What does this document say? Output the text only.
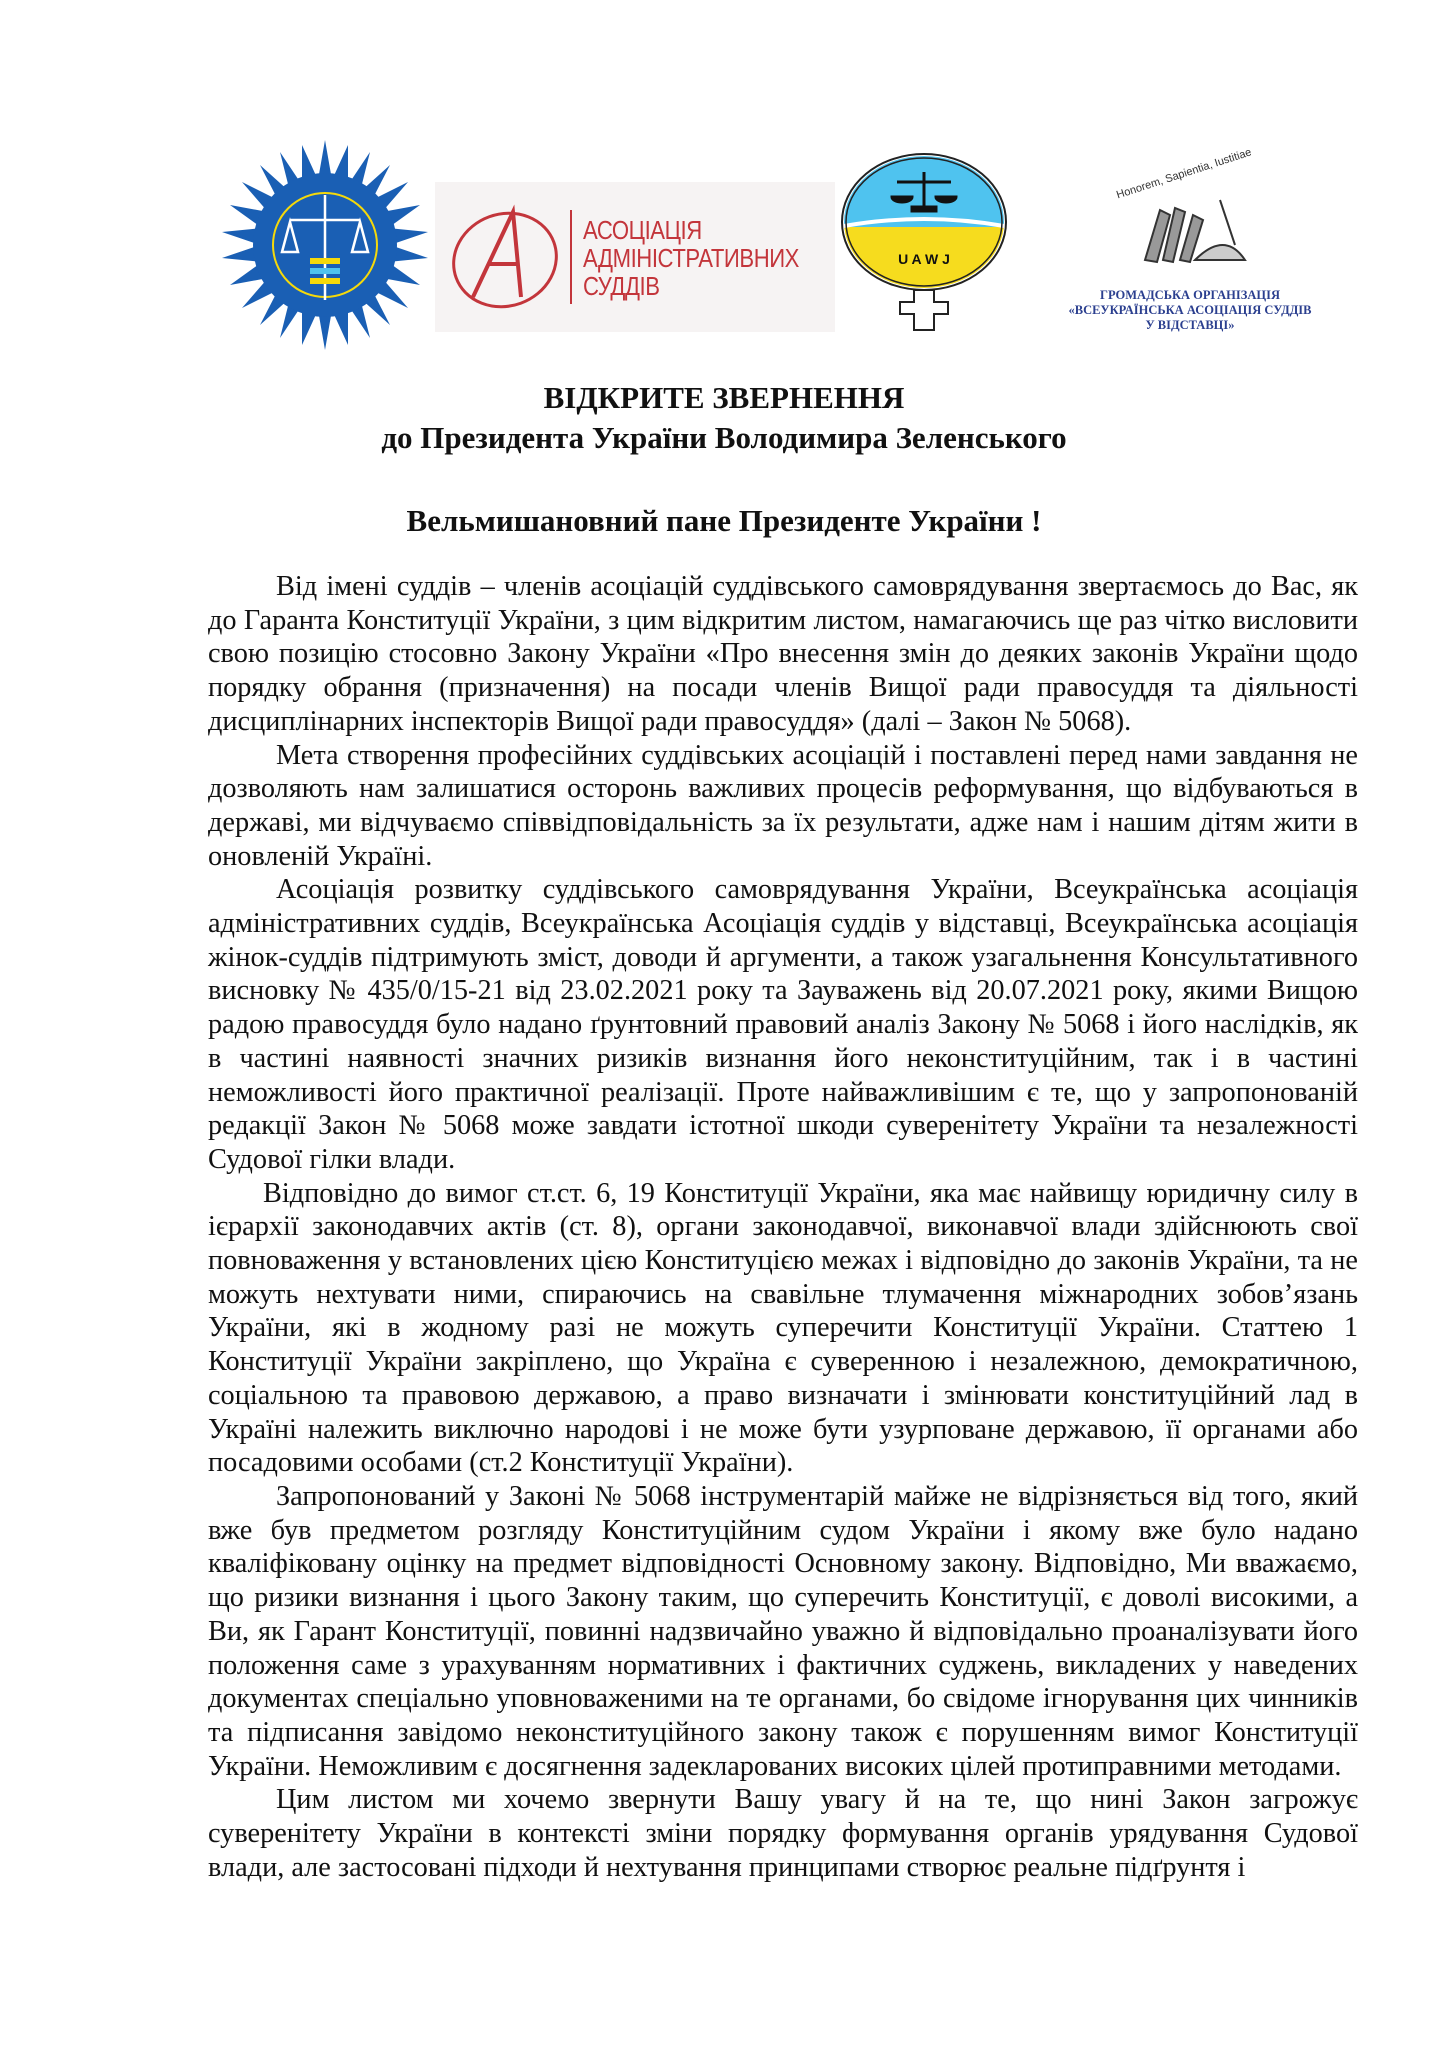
АСОЦІАЦІЯ
АДМІНІСТРАТИВНИХ
СУДДІВ
U A W J
Honorem, Sapientia, Iustitiae
ГРОМАДСЬКА ОРГАНІЗАЦІЯ
«ВСЕУКРАЇНСЬКА АСОЦІАЦІЯ СУДДІВ
У ВІДСТАВЦІ»
ВІДКРИТЕ ЗВЕРНЕННЯ
до Президента України Володимира Зеленського
Вельмишановний пане Президенте України !

Від імені суддів – членів асоціацій суддівського самоврядування звертаємось до Вас, як до Гаранта Конституції України, з цим відкритим листом, намагаючись ще раз чітко висловити свою позицію стосовно Закону України «Про внесення змін до деяких законів України щодо порядку обрання (призначення) на посади членів Вищої ради правосуддя та діяльності дисциплінарних інспекторів Вищої ради правосуддя» (далі – Закон № 5068).

Мета створення професійних суддівських асоціацій і поставлені перед нами завдання не дозволяють нам залишатися осторонь важливих процесів реформування, що відбуваються в державі, ми відчуваємо співвідповідальність за їх результати, адже нам і нашим дітям жити в оновленій Україні.

Асоціація розвитку суддівського самоврядування України, Всеукраїнська асоціація адміністративних суддів, Всеукраїнська Асоціація суддів у відставці, Всеукраїнська асоціація жінок-суддів підтримують зміст, доводи й аргументи, а також узагальнення Консультативного висновку № 435/0/15-21 від 23.02.2021 року та Зауважень від 20.07.2021 року, якими Вищою радою правосуддя було надано ґрунтовний правовий аналіз Закону № 5068 і його наслідків, як в частині наявності значних ризиків визнання його неконституційним, так і в частині неможливості його практичної реалізації. Проте найважливішим є те, що у запропонованій редакції Закон № 5068 може завдати істотної шкоди суверенітету України та незалежності Судової гілки влади.

Відповідно до вимог ст.ст. 6, 19 Конституції України, яка має найвищу юридичну силу в ієрархії законодавчих актів (ст. 8), органи законодавчої, виконавчої влади здійснюють свої повноваження у встановлених цією Конституцією межах і відповідно до законів України, та не можуть нехтувати ними, спираючись на свавільне тлумачення міжнародних зобов’язань України, які в жодному разі не можуть суперечити Конституції України. Статтею 1 Конституції України закріплено, що Україна є суверенною і незалежною, демократичною, соціальною та правовою державою, а право визначати і змінювати конституційний лад в Україні належить виключно народові і не може бути узурповане державою, її органами або посадовими особами (ст.2 Конституції України).

Запропонований у Законі № 5068 інструментарій майже не відрізняється від того, який вже був предметом розгляду Конституційним судом України і якому вже було надано кваліфіковану оцінку на предмет відповідності Основному закону. Відповідно, Ми вважаємо, що ризики визнання і цього Закону таким, що суперечить Конституції, є доволі високими, а Ви, як Гарант Конституції, повинні надзвичайно уважно й відповідально проаналізувати його положення саме з урахуванням нормативних і фактичних суджень, викладених у наведених документах спеціально уповноваженими на те органами, бо свідоме ігнорування цих чинників та підписання завідомо неконституційного закону також є порушенням вимог Конституції України. Неможливим є досягнення задекларованих високих цілей протиправними методами.

Цим листом ми хочемо звернути Вашу увагу й на те, що нині Закон загрожує суверенітету України в контексті зміни порядку формування органів урядування Судової влади, але застосовані підходи й нехтування принципами створює реальне підґрунтя і
